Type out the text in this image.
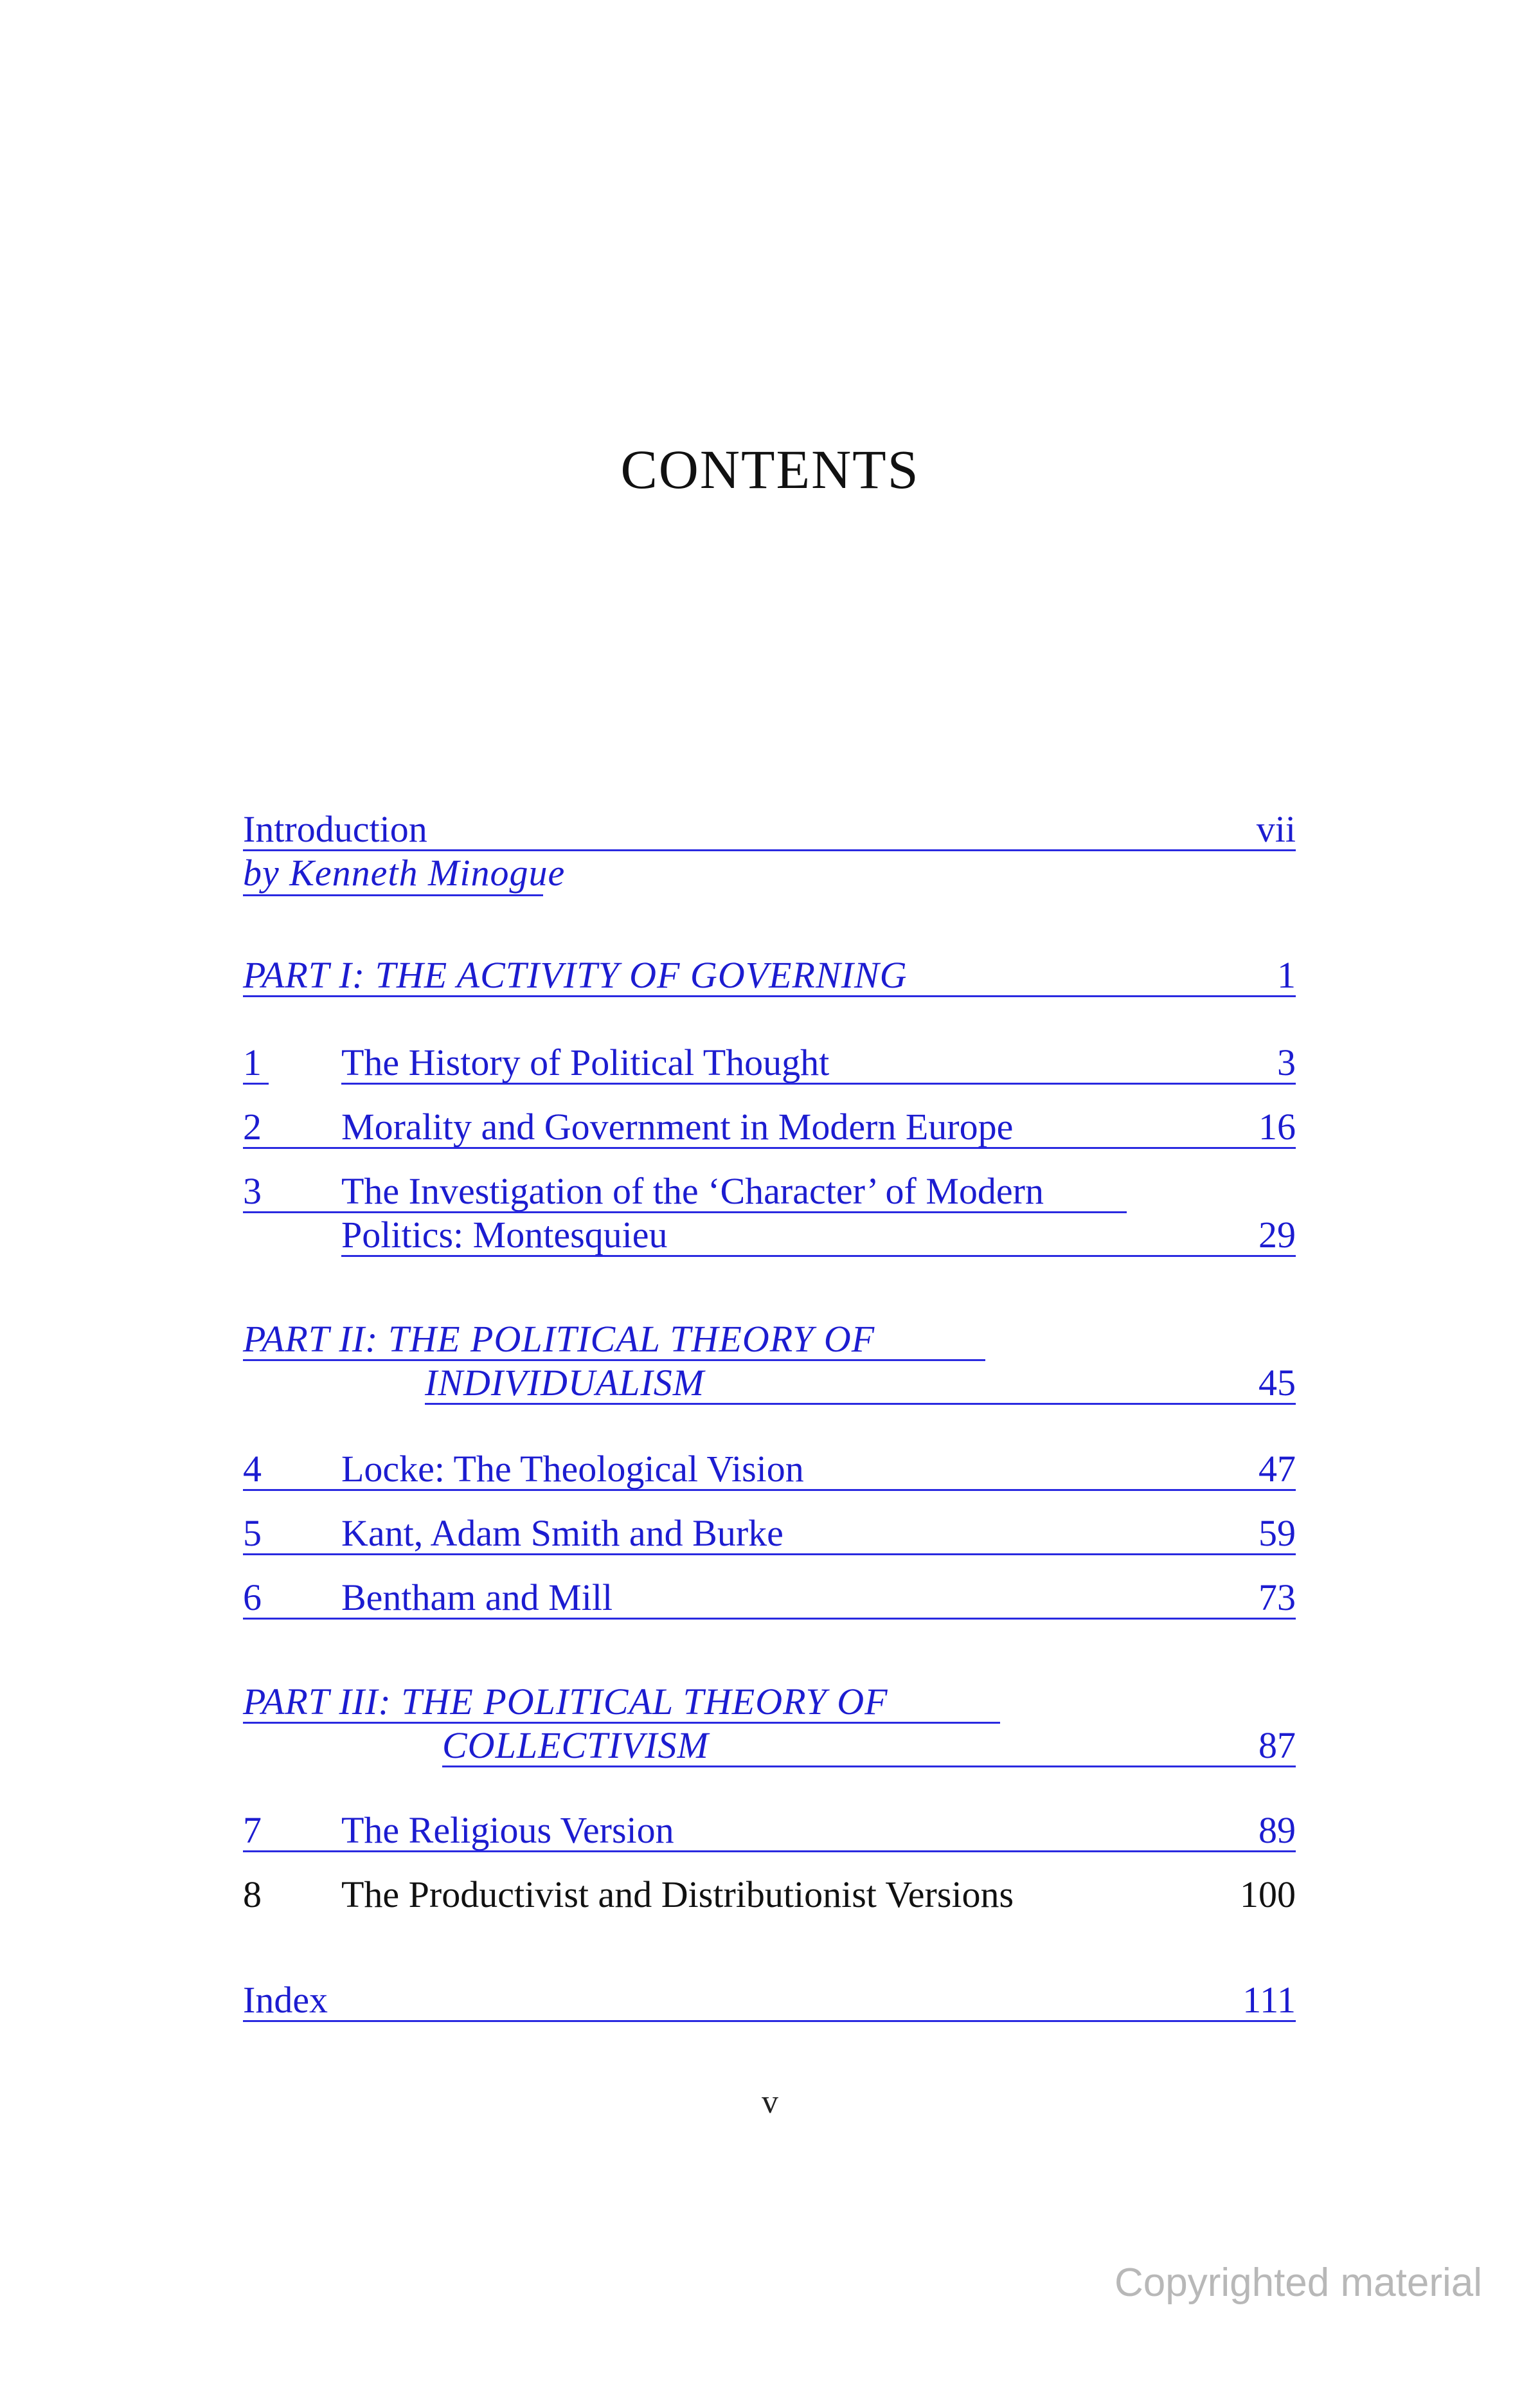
CONTENTS
Introduction	vii
by Kenneth Minogue
PART I: THE ACTIVITY OF GOVERNING	1
1 The History of Political Thought	3
2 Morality and Government in Modern Europe	16
3 The Investigation of the ‘Character’ of Modern
Politics: Montesquieu	29
PART II: THE POLITICAL THEORY OF
INDIVIDUALISM	45
4 Locke: The Theological Vision	47
5 Kant, Adam Smith and Burke	59
6 Bentham and Mill	73
PART III: THE POLITICAL THEORY OF
COLLECTIVISM	87
7 The Religious Version	89
8 The Productivist and Distributionist Versions	100
Index	111
v
Copyrighted material
